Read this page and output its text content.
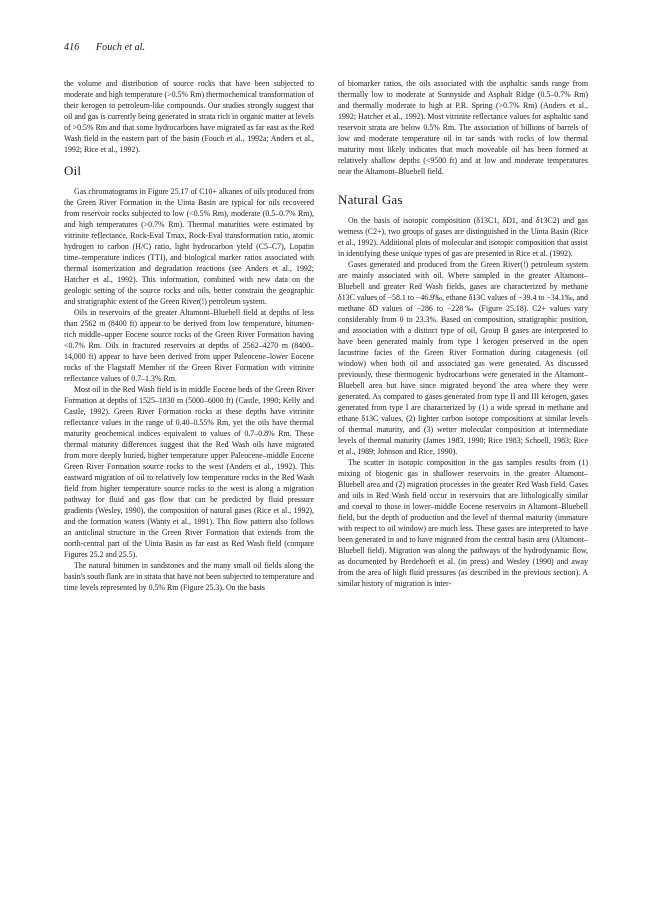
416 Fouch et al.

the volume and distribution of source rocks that have been subjected to moderate and high temperature (>0.5% Rm) thermochemical transformation of their kerogen to petroleum-like compounds. Our studies strongly suggest that oil and gas is currently being generated in strata rich in organic matter at levels of >0.5% Rm and that some hydrocarbons have migrated as far east as the Red Wash field in the eastern part of the basin (Fouch et al., 1992a; Anders et al., 1992; Rice et al., 1992).

Oil

Gas chromatograms in Figure 25.17 of C10+ alkanes of oils produced from the Green River Formation in the Uinta Basin are typical for oils recovered from reservoir rocks subjected to low (<0.5% Rm), moderate (0.5–0.7% Rm), and high temperatures (>0.7% Rm). Thermal maturities were estimated by vitrinite reflectance, Rock-Eval Tmax, Rock-Eval transformation ratio, atomic hydrogen to carbon (H/C) ratio, light hydrocarbon yield (C5–C7), Lopatin time–temperature indices (TTI), and biological marker ratios associated with thermal isomerization and degradation reactions (see Anders et al., 1992; Hatcher et al., 1992). This information, combined with new data on the geologic setting of the source rocks and oils, better constrain the geographic and stratigraphic extent of the Green River(!) petroleum system.

Oils in reservoirs of the greater Altamont–Bluebell field at depths of less than 2562 m (8400 ft) appear to be derived from low temperature, bitumen-rich middle–upper Eocene source rocks of the Green River Formation having <0.7% Rm. Oils in fractured reservoirs at depths of 2562–4270 m (8400–14,000 ft) appear to have been derived from upper Paleocene–lower Eocene rocks of the Flagstaff Member of the Green River Formation with vitrinite reflectance values of 0.7–1.3% Rm.

Most oil in the Red Wash field is in middle Eocene beds of the Green River Formation at depths of 1525–1830 m (5000–6000 ft) (Castle, 1990; Kelly and Castle, 1992). Green River Formation rocks at these depths have vitrinite reflectance values in the range of 0.40–0.55% Rm, yet the oils have thermal maturity geochemical indices equivalent to values of 0.7–0.8% Rm. These thermal maturity differences suggest that the Red Wash oils have migrated from more deeply buried, higher temperature upper Paleocene–middle Eocene Green River Formation source rocks to the west (Anders et al., 1992). This eastward migration of oil to relatively low temperature rocks in the Red Wash field from higher temperature source rocks to the west is along a migration pathway for fluid and gas flow that can be predicted by fluid pressure gradients (Wesley, 1990), the composition of natural gases (Rice et al., 1992), and the formation waters (Wanty et al., 1991). This flow pattern also follows an anticlinal structure in the Green River Formation that extends from the north-central part of the Uinta Basin as far east as Red Wash field (compare Figures 25.2 and 25.5).

The natural bitumen in sandstones and the many small oil fields along the basin's south flank are in strata that have not been subjected to temperature and time levels represented by 0.5% Rm (Figure 25.3). On the basis

of biomarker ratios, the oils associated with the asphaltic sands range from thermally low to moderate at Sunnyside and Asphalt Ridge (0.5–0.7% Rm) and thermally moderate to high at P.R. Spring (>0.7% Rm) (Anders et al., 1992; Hatcher et al., 1992). Most vitrinite reflectance values for asphaltic sand reservoir strata are below 0.5% Rm. The association of billions of barrels of low and moderate temperature oil in tar sands with rocks of low thermal maturity most likely indicates that much moveable oil has been formed at relatively shallow depths (<9500 ft) and at low and moderate temperatures near the Altamont–Bluebell field.

Natural Gas

On the basis of isotopic composition (δ13C1, δD1, and δ13C2) and gas wetness (C2+), two groups of gases are distinguished in the Uinta Basin (Rice et al., 1992). Additional plots of molecular and isotopic composition that assist in identifying these unique types of gas are presented in Rice et al. (1992).

Gases generated and produced from the Green River(!) petroleum system are mainly associated with oil. Where sampled in the greater Altamont–Bluebell and greater Red Wash fields, gases are characterized by methane δ13C values of −58.1 to −46.9‰, ethane δ13C values of −39.4 to −34.1‰, and methane δD values of −286 to −228‰ (Figure 25.18). C2+ values vary considerably from 0 to 23.3%. Based on composition, stratigraphic position, and association with a distinct type of oil, Group B gases are interpreted to have been generated mainly from type I kerogen preserved in the open lacustrine facies of the Green River Formation during catagenesis (oil window) when both oil and associated gas were generated. As discussed previously, these thermogenic hydrocarbons were generated in the Altamont–Bluebell area but have since migrated beyond the area where they were generated. As compared to gases generated from type II and III kerogen, gases generated from type I are characterized by (1) a wide spread in methane and ethane δ13C values, (2) lighter carbon isotope compositions at similar levels of thermal maturity, and (3) wetter molecular composition at intermediate levels of thermal maturity (James 1983, 1990; Rice 1983; Schoell, 1983; Rice et al., 1989; Johnson and Rice, 1990).

The scatter in isotopic composition in the gas samples results from (1) mixing of biogenic gas in shallower reservoirs in the greater Altamont–Bluebell area and (2) migration processes in the greater Red Wash field. Gases and oils in Red Wash field occur in reservoirs that are lithologically similar and coeval to those in lower–middle Eocene reservoirs in Altamont–Bluebell field, but the depth of production and the level of thermal maturity (immature with respect to oil window) are much less. These gases are interpreted to have been generated in and to have migrated from the central basin area (Altamont–Bluebell field). Migration was along the pathways of the hydrodynamic flow, as documented by Bredehoeft et al. (in press) and Wesley (1990) and away from the area of high fluid pressures (as described in the previous section). A similar history of migration is inter-
